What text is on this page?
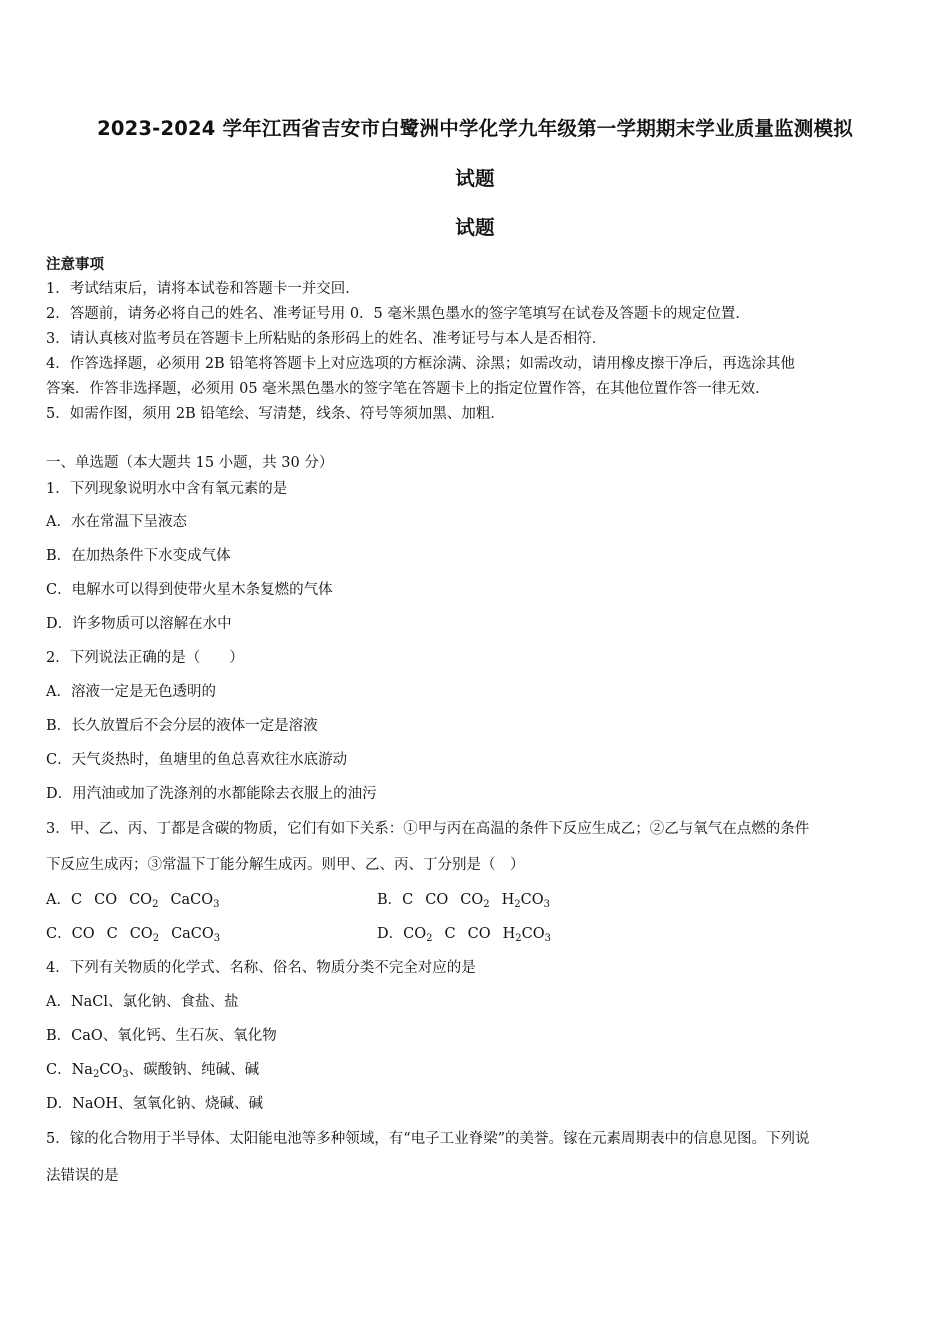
2023-2024 学年江西省吉安市白鹭洲中学化学九年级第一学期期末学业质量监测模拟
试题
试题
注意事项
1．考试结束后，请将本试卷和答题卡一并交回．
2．答题前，请务必将自己的姓名、准考证号用 0．5 毫米黑色墨水的签字笔填写在试卷及答题卡的规定位置．
3．请认真核对监考员在答题卡上所粘贴的条形码上的姓名、准考证号与本人是否相符．
4．作答选择题，必须用 2B 铅笔将答题卡上对应选项的方框涂满、涂黑；如需改动，请用橡皮擦干净后，再选涂其他
答案．作答非选择题，必须用 05 毫米黑色墨水的签字笔在答题卡上的指定位置作答，在其他位置作答一律无效．
5．如需作图，须用 2B 铅笔绘、写清楚，线条、符号等须加黑、加粗．
一、单选题（本大题共 15 小题，共 30 分）
1．下列现象说明水中含有氧元素的是
A．水在常温下呈液态
B．在加热条件下水变成气体
C．电解水可以得到使带火星木条复燃的气体
D．许多物质可以溶解在水中
2．下列说法正确的是（　　）
A．溶液一定是无色透明的
B．长久放置后不会分层的液体一定是溶液
C．天气炎热时，鱼塘里的鱼总喜欢往水底游动
D．用汽油或加了洗涤剂的水都能除去衣服上的油污
3．甲、乙、丙、丁都是含碳的物质，它们有如下关系：①甲与丙在高温的条件下反应生成乙；②乙与氧气在点燃的条件
下反应生成丙；③常温下丁能分解生成丙。则甲、乙、丙、丁分别是（　）
A．C CO $CO_2$ CaCO$_3$	B．C CO $CO_2$ $H_2CO_3$
C．CO C $CO_2$ CaCO$_3$	D．$CO_2$ C CO $H_2CO_3$
4．下列有关物质的化学式、名称、俗名、物质分类不完全对应的是
A．NaCl、氯化钠、食盐、盐
B．CaO、氧化钙、生石灰、氧化物
C．$Na_2CO_3$、碳酸钠、纯碱、碱
D．NaOH、氢氧化钠、烧碱、碱
5．镓的化合物用于半导体、太阳能电池等多种领域，有“电子工业脊梁”的美誉。镓在元素周期表中的信息见图。下列说
法错误的是
